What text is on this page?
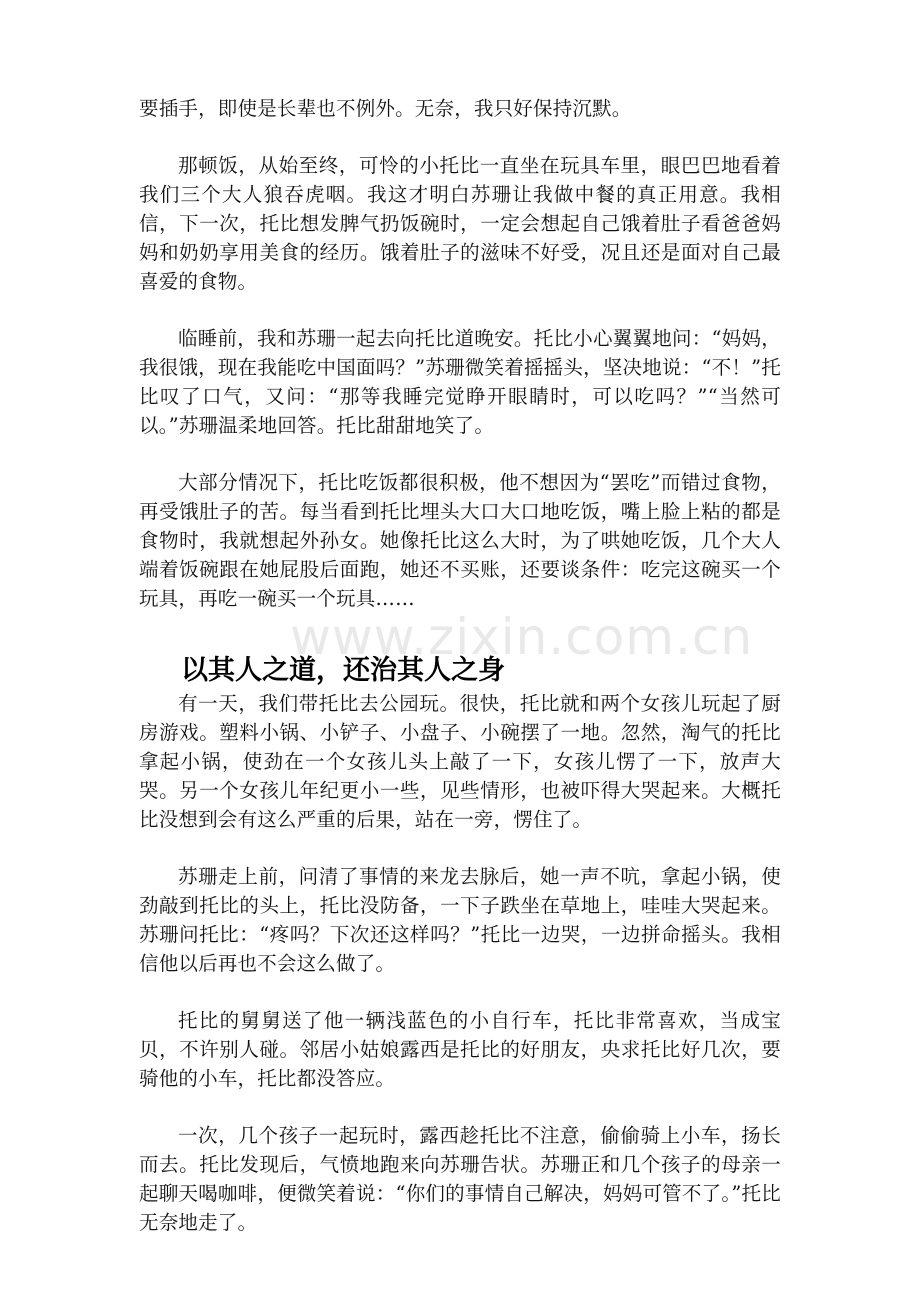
www.zixin.com.cn

要插手，即使是长辈也不例外。无奈，我只好保持沉默。

那顿饭，从始至终，可怜的小托比一直坐在玩具车里，眼巴巴地看着我们三个大人狼吞虎咽。我这才明白苏珊让我做中餐的真正用意。我相信，下一次，托比想发脾气扔饭碗时，一定会想起自己饿着肚子看爸爸妈妈和奶奶享用美食的经历。饿着肚子的滋味不好受，况且还是面对自己最喜爱的食物。

临睡前，我和苏珊一起去向托比道晚安。托比小心翼翼地问：“妈妈，我很饿，现在我能吃中国面吗？”苏珊微笑着摇摇头，坚决地说：“不！”托比叹了口气，又问：“那等我睡完觉睁开眼睛时，可以吃吗？”“当然可以。”苏珊温柔地回答。托比甜甜地笑了。

大部分情况下，托比吃饭都很积极，他不想因为“罢吃”而错过食物，再受饿肚子的苦。每当看到托比埋头大口大口地吃饭，嘴上脸上粘的都是食物时，我就想起外孙女。她像托比这么大时，为了哄她吃饭，几个大人端着饭碗跟在她屁股后面跑，她还不买账，还要谈条件：吃完这碗买一个玩具，再吃一碗买一个玩具……

以其人之道，还治其人之身

有一天，我们带托比去公园玩。很快，托比就和两个女孩儿玩起了厨房游戏。塑料小锅、小铲子、小盘子、小碗摆了一地。忽然，淘气的托比拿起小锅，使劲在一个女孩儿头上敲了一下，女孩儿愣了一下，放声大哭。另一个女孩儿年纪更小一些，见些情形，也被吓得大哭起来。大概托比没想到会有这么严重的后果，站在一旁，愣住了。

苏珊走上前，问清了事情的来龙去脉后，她一声不吭，拿起小锅，使劲敲到托比的头上，托比没防备，一下子跌坐在草地上，哇哇大哭起来。苏珊问托比：“疼吗？下次还这样吗？”托比一边哭，一边拼命摇头。我相信他以后再也不会这么做了。

托比的舅舅送了他一辆浅蓝色的小自行车，托比非常喜欢，当成宝贝，不许别人碰。邻居小姑娘露西是托比的好朋友，央求托比好几次，要骑他的小车，托比都没答应。

一次，几个孩子一起玩时，露西趁托比不注意，偷偷骑上小车，扬长而去。托比发现后，气愤地跑来向苏珊告状。苏珊正和几个孩子的母亲一起聊天喝咖啡，便微笑着说：“你们的事情自己解决，妈妈可管不了。”托比无奈地走了。
